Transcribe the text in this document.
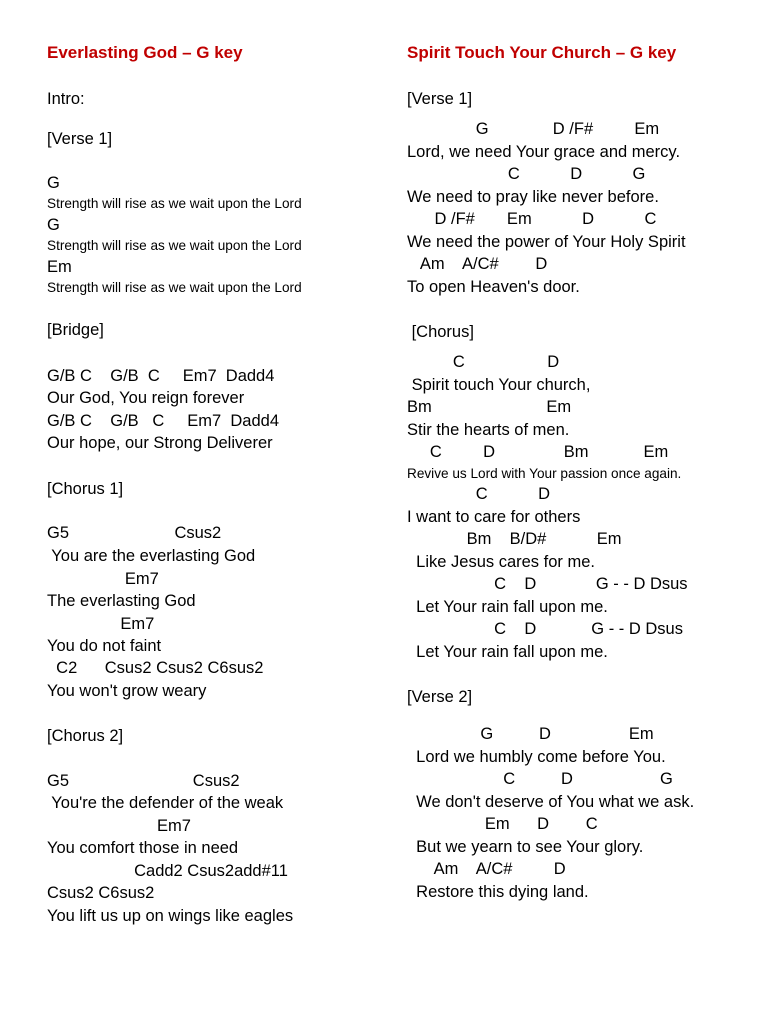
Everlasting God – G key
Intro:
[Verse 1]
G
Strength will rise as we wait upon the Lord
G
Strength will rise as we wait upon the Lord
Em
Strength will rise as we wait upon the Lord
[Bridge]
G/B C    G/B  C     Em7  Dadd4
Our God, You reign forever
G/B C    G/B   C     Em7  Dadd4
Our hope, our Strong Deliverer
[Chorus 1]
G5                       Csus2
You are the everlasting God
Em7
The everlasting God
Em7
You do not faint
C2      Csus2 Csus2 C6sus2
You won't grow weary
[Chorus 2]
G5                           Csus2
You're the defender of the weak
Em7
You comfort those in need
Cadd2 Csus2add#11
Csus2 C6sus2
You lift us up on wings like eagles
Spirit Touch Your Church – G key
[Verse 1]
G              D /F#         Em
Lord, we need Your grace and mercy.
C           D           G
We need to pray like never before.
D /F#       Em           D           C
We need the power of Your Holy Spirit
Am    A/C#        D
To open Heaven's door.
[Chorus]
C                  D
Spirit touch Your church,
Bm                         Em
Stir the hearts of men.
C         D               Bm            Em
Revive us Lord with Your passion once again.
C           D
I want to care for others
Bm    B/D#           Em
Like Jesus cares for me.
C    D             G - - D Dsus
Let Your rain fall upon me.
C    D            G - - D Dsus
Let Your rain fall upon me.
[Verse 2]
G          D                 Em
Lord we humbly come before You.
C          D                   G
We don't deserve of You what we ask.
Em      D        C
But we yearn to see Your glory.
Am    A/C#         D
Restore this dying land.
